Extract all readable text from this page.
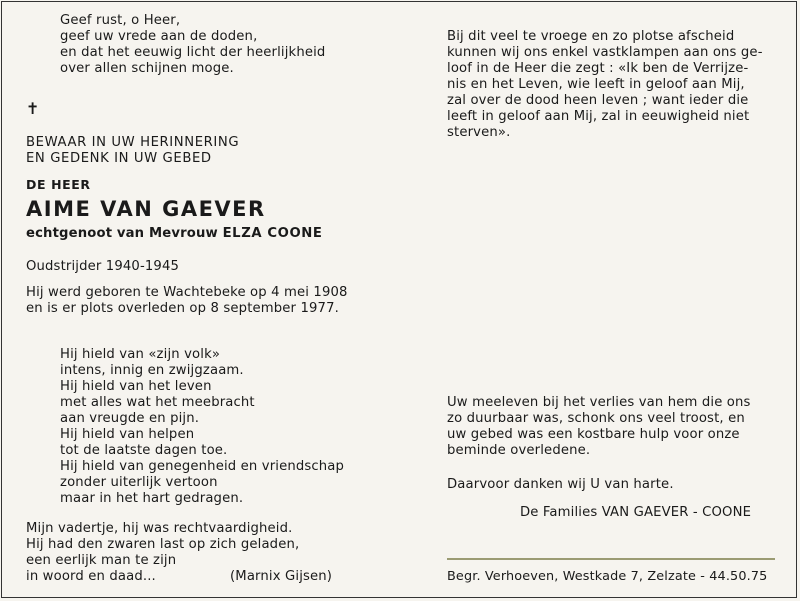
Geef rust, o Heer,
geef uw vrede aan de doden,
en dat het eeuwig licht der heerlijkheid
over allen schijnen moge.
✝
BEWAAR IN UW HERINNERING
EN GEDENK IN UW GEBED
DE HEER
AIME VAN GAEVER
echtgenoot van Mevrouw ELZA COONE
Oudstrijder 1940-1945
Hij werd geboren te Wachtebeke op 4 mei 1908
en is er plots overleden op 8 september 1977.
Hij hield van «zijn volk»
intens, innig en zwijgzaam.
Hij hield van het leven
met alles wat het meebracht
aan vreugde en pijn.
Hij hield van helpen
tot de laatste dagen toe.
Hij hield van genegenheid en vriendschap
zonder uiterlijk vertoon
maar in het hart gedragen.
Mijn vadertje, hij was rechtvaardigheid.
Hij had den zwaren last op zich geladen,
een eerlijk man te zijn
in woord en daad...	(Marnix Gijsen)
Bij dit veel te vroege en zo plotse afscheid
kunnen wij ons enkel vastklampen aan ons ge-
loof in de Heer die zegt : «Ik ben de Verrijze-
nis en het Leven, wie leeft in geloof aan Mij,
zal over de dood heen leven ; want ieder die
leeft in geloof aan Mij, zal in eeuwigheid niet
sterven».
Uw meeleven bij het verlies van hem die ons
zo duurbaar was, schonk ons veel troost, en
uw gebed was een kostbare hulp voor onze
beminde overledene.
Daarvoor danken wij U van harte.
De Families VAN GAEVER - COONE
Begr. Verhoeven, Westkade 7, Zelzate - 44.50.75
